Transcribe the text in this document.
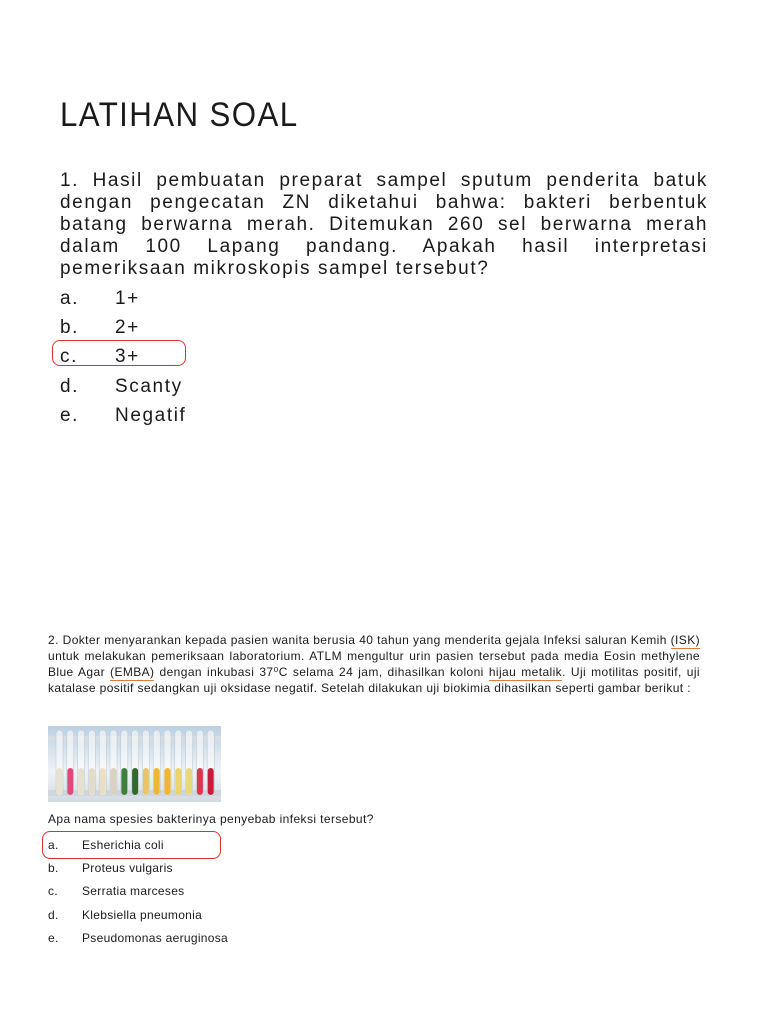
LATIHAN SOAL
1. Hasil pembuatan preparat sampel sputum penderita batuk dengan pengecatan ZN diketahui bahwa: bakteri berbentuk batang berwarna merah. Ditemukan 260 sel berwarna merah dalam 100 Lapang pandang. Apakah hasil interpretasi pemeriksaan mikroskopis sampel tersebut?
a.	1+
b.	2+
c.	3+
d.	Scanty
e.	Negatif
2. Dokter menyarankan kepada pasien wanita berusia 40 tahun yang menderita gejala Infeksi saluran Kemih (ISK) untuk melakukan pemeriksaan laboratorium. ATLM mengultur urin pasien tersebut pada media Eosin methylene Blue Agar (EMBA) dengan inkubasi 37⁰C selama 24 jam, dihasilkan koloni hijau metalik. Uji motilitas positif, uji katalase positif sedangkan uji oksidase negatif. Setelah dilakukan uji biokimia dihasilkan seperti gambar berikut :
Apa nama spesies bakterinya penyebab infeksi tersebut?
a.	Esherichia coli
b.	Proteus vulgaris
c.	Serratia marceses
d.	Klebsiella pneumonia
e.	Pseudomonas aeruginosa
